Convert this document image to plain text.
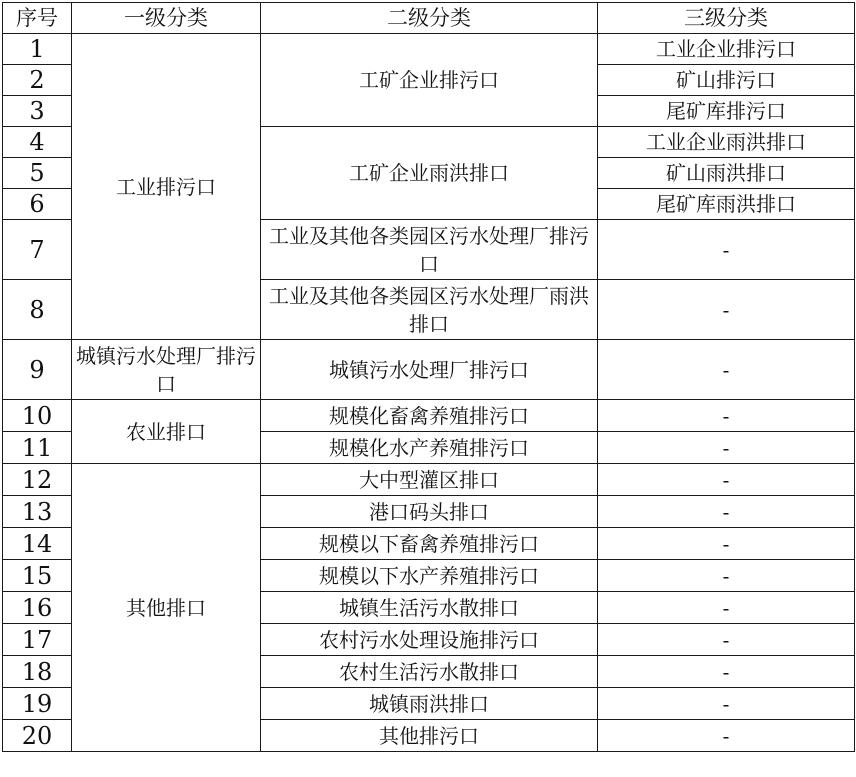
序号	一级分类	二级分类	三级分类
1	工业排污口	工矿企业排污口	工业企业排污口
2			矿山排污口
3			尾矿库排污口
4		工矿企业雨洪排口	工业企业雨洪排口
5			矿山雨洪排口
6			尾矿库雨洪排口
7		工业及其他各类园区污水处理厂排污口	-
8		工业及其他各类园区污水处理厂雨洪排口	-
9	城镇污水处理厂排污口	城镇污水处理厂排污口	-
10	农业排口	规模化畜禽养殖排污口	-
11		规模化水产养殖排污口	-
12	其他排口	大中型灌区排口	-
13		港口码头排口	-
14		规模以下畜禽养殖排污口	-
15		规模以下水产养殖排污口	-
16		城镇生活污水散排口	-
17		农村污水处理设施排污口	-
18		农村生活污水散排口	-
19		城镇雨洪排口	-
20		其他排污口	-
